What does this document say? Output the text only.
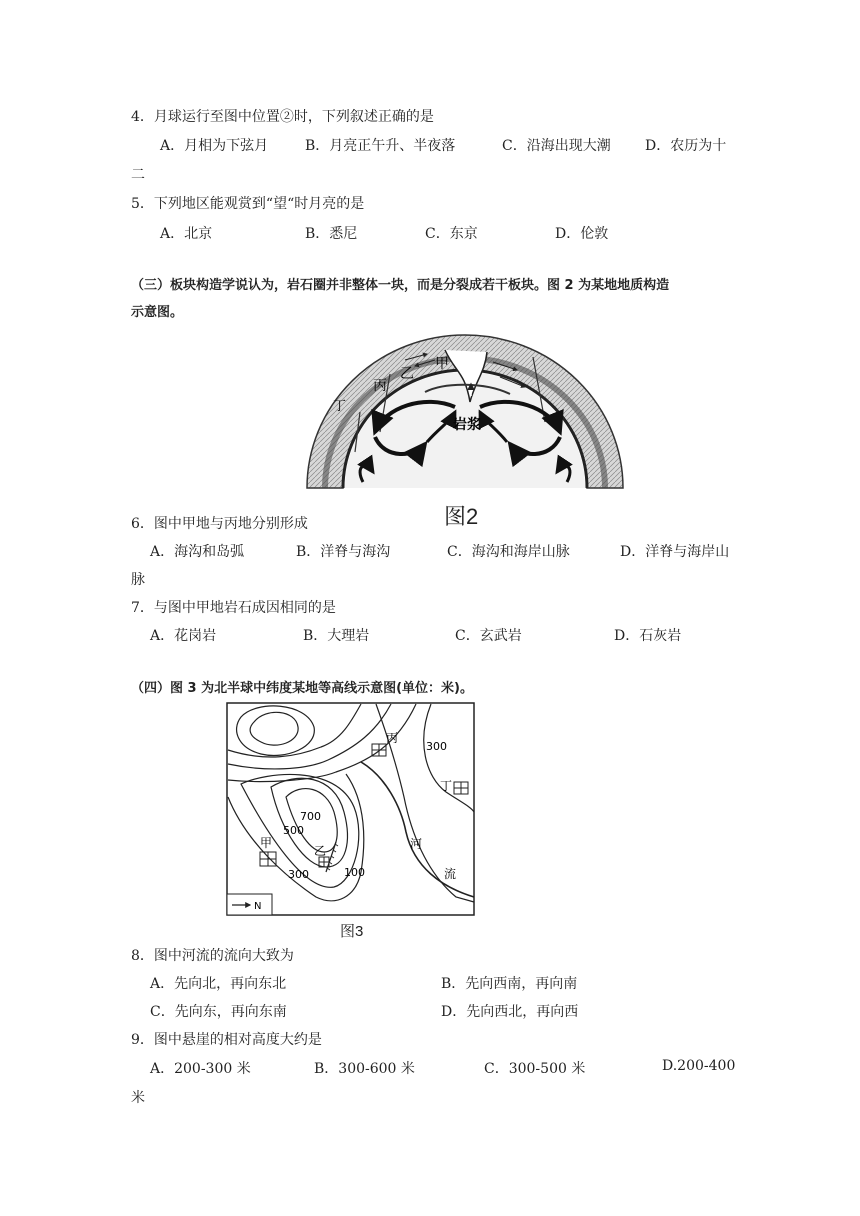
4．月球运行至图中位置②时，下列叙述正确的是
A．月相为下弦月	B．月亮正午升、半夜落	C．沿海出现大潮 D．农历为十
二
5．下列地区能观赏到“望“时月亮的是
A．北京	B．悉尼	C．东京	D．伦敦
（三）板块构造学说认为，岩石圈并非整体一块，而是分裂成若干板块。图 2 为某地地质构造
示意图。
甲
乙
丙
丁
岩浆
图2
6．图中甲地与丙地分别形成
A．海沟和岛弧	B．洋脊与海沟	C．海沟和海岸山脉	D．洋脊与海岸山
脉
7．与图中甲地岩石成因相同的是
A．花岗岩	B．大理岩	C．玄武岩	D．石灰岩
（四）图 3 为北半球中纬度某地等高线示意图(单位：米)。
丙
300
丁
700
500
甲
乙
300	100
河
流
N
图3
8．图中河流的流向大致为
A．先向北，再向东北	B．先向西南，再向南
C．先向东，再向东南	D．先向西北，再向西
9．图中悬崖的相对高度大约是
A．200-300 米	B．300-600 米	C．300-500 米	D.200-400
米
